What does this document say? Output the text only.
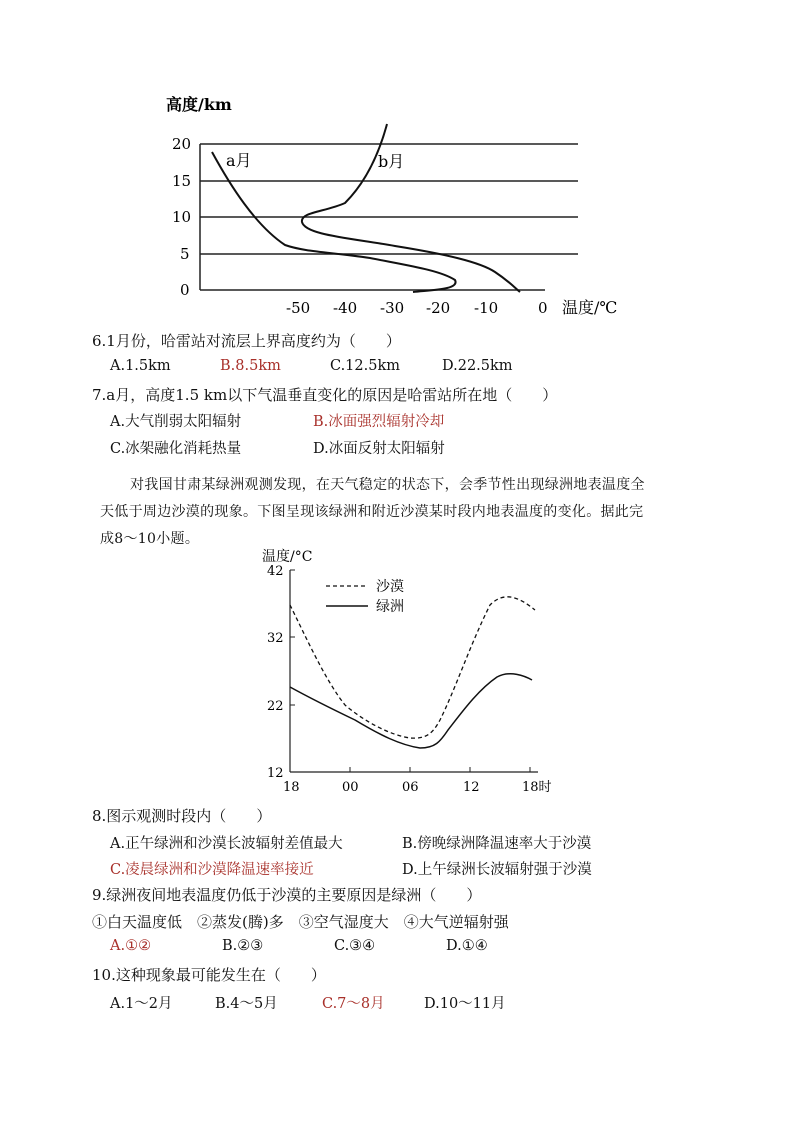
高度/km
20
15
10
5
0
-50 -40 -30 -20 -10	0 温度/℃
a月	b月
6.1月份，哈雷站对流层上界高度约为（　　）
A.1.5km	B.8.5km	C.12.5km	D.22.5km
7.a月，高度1.5 km以下气温垂直变化的原因是哈雷站所在地（　　）
A.大气削弱太阳辐射	B.冰面强烈辐射冷却
C.冰架融化消耗热量	D.冰面反射太阳辐射
对我国甘肃某绿洲观测发现，在天气稳定的状态下，会季节性出现绿洲地表温度全
天低于周边沙漠的现象。下图呈现该绿洲和附近沙漠某时段内地表温度的变化。据此完
成8～10小题。
温度/°C
42
32
22
12
18	00	06	12	18时
沙漠
绿洲
8.图示观测时段内（　　）
A.正午绿洲和沙漠长波辐射差值最大	B.傍晚绿洲降温速率大于沙漠
C.凌晨绿洲和沙漠降温速率接近	D.上午绿洲长波辐射强于沙漠
9.绿洲夜间地表温度仍低于沙漠的主要原因是绿洲（　　）
①白天温度低　②蒸发(腾)多　③空气湿度大　④大气逆辐射强
A.①②	B.②③	C.③④	D.①④
10.这种现象最可能发生在（　　）
A.1～2月	B.4～5月	C.7～8月	D.10～11月
